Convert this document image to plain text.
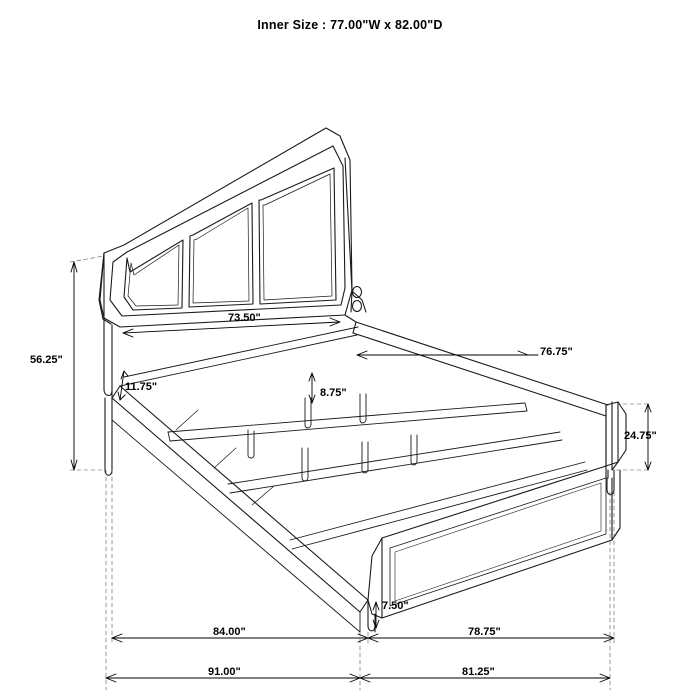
Inner Size : 77.00"W x 82.00"D
56.25"
73.50"
11.75"	8.75"
76.75"
24.75"
7.50"
84.00"	78.75"
91.00"	81.25"
